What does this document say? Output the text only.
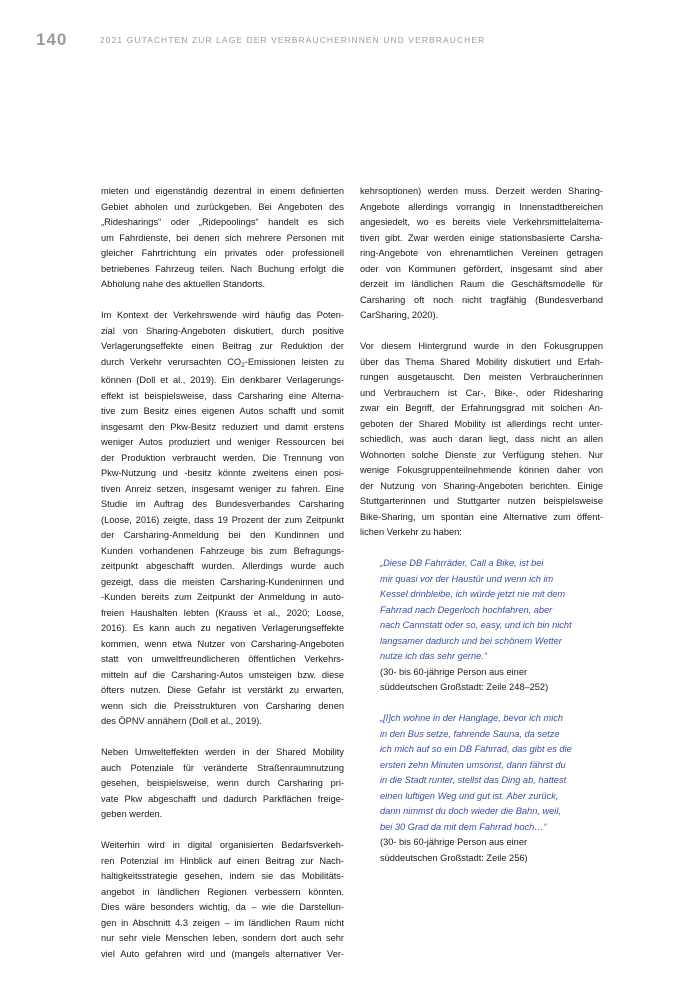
140	2021 GUTACHTEN ZUR LAGE DER VERBRAUCHERINNEN UND VERBRAUCHER

mieten und eigenständig dezentral in einem definierten
Gebiet abholen und zurückgeben. Bei Angeboten des
„Ridesharings“ oder „Ridepoolings“ handelt es sich
um Fahrdienste, bei denen sich mehrere Personen mit
gleicher Fahrtrichtung ein privates oder professionell
betriebenes Fahrzeug teilen. Nach Buchung erfolgt die
Abholung nahe des aktuellen Standorts.

Im Kontext der Verkehrswende wird häufig das Poten-
zial von Sharing-Angeboten diskutiert, durch positive
Verlagerungseffekte einen Beitrag zur Reduktion der
durch Verkehr verursachten $CO_2$-Emissionen leisten zu
können (Doll et al., 2019). Ein denkbarer Verlagerungs-
effekt ist beispielsweise, dass Carsharing eine Alterna-
tive zum Besitz eines eigenen Autos schafft und somit
insgesamt den Pkw-Besitz reduziert und damit erstens
weniger Autos produziert und weniger Ressourcen bei
der Produktion verbraucht werden. Die Trennung von
Pkw-Nutzung und -besitz könnte zweitens einen posi-
tiven Anreiz setzen, insgesamt weniger zu fahren. Eine
Studie im Auftrag des Bundesverbandes Carsharing
(Loose, 2016) zeigte, dass 19 Prozent der zum Zeitpunkt
der Carsharing-Anmeldung bei den Kundinnen und
Kunden vorhandenen Fahrzeuge bis zum Befragungs-
zeitpunkt abgeschafft wurden. Allerdings wurde auch
gezeigt, dass die meisten Carsharing-Kundeninnen und
-Kunden bereits zum Zeitpunkt der Anmeldung in auto-
freien Haushalten lebten (Krauss et al., 2020; Loose,
2016). Es kann auch zu negativen Verlagerungseffekte
kommen, wenn etwa Nutzer von Carsharing-Angeboten
statt von umweltfreundlicheren öffentlichen Verkehrs-
mitteln auf die Carsharing-Autos umsteigen bzw. diese
öfters nutzen. Diese Gefahr ist verstärkt zu erwarten,
wenn sich die Preisstrukturen von Carsharing denen
des ÖPNV annähern (Doll et al., 2019).

Neben Umwelteffekten werden in der Shared Mobility
auch Potenziale für veränderte Straßenraumnutzung
gesehen, beispielsweise, wenn durch Carsharing pri-
vate Pkw abgeschafft und dadurch Parkflächen freige-
geben werden.

Weiterhin wird in digital organisierten Bedarfsverkeh-
ren Potenzial im Hinblick auf einen Beitrag zur Nach-
haltigkeitsstrategie gesehen, indem sie das Mobilitäts-
angebot in ländlichen Regionen verbessern könnten.
Dies wäre besonders wichtig, da – wie die Darstellun-
gen in Abschnitt 4.3 zeigen – im ländlichen Raum nicht
nur sehr viele Menschen leben, sondern dort auch sehr
viel Auto gefahren wird und (mangels alternativer Ver-

kehrsoptionen) werden muss. Derzeit werden Sharing-
Angebote allerdings vorrangig in Innenstadtbereichen
angesiedelt, wo es bereits viele Verkehrsmittelalterna-
tiven gibt. Zwar werden einige stationsbasierte Carsha-
ring-Angebote von ehrenamtlichen Vereinen getragen
oder von Kommunen gefördert, insgesamt sind aber
derzeit im ländlichen Raum die Geschäftsmodelle für
Carsharing oft noch nicht tragfähig (Bundesverband
CarSharing, 2020).

Vor diesem Hintergrund wurde in den Fokusgruppen
über das Thema Shared Mobility diskutiert und Erfah-
rungen ausgetauscht. Den meisten Verbraucherinnen
und Verbrauchern ist Car-, Bike-, oder Ridesharing
zwar ein Begriff, der Erfahrungsgrad mit solchen An-
geboten der Shared Mobility ist allerdings recht unter-
schiedlich, was auch daran liegt, dass nicht an allen
Wohnorten solche Dienste zur Verfügung stehen. Nur
wenige Fokusgruppenteilnehmende können daher von
der Nutzung von Sharing-Angeboten berichten. Einige
Stuttgarterinnen und Stuttgarter nutzen beispielsweise
Bike-Sharing, um spontan eine Alternative zum öffent-
lichen Verkehr zu haben:

„Diese DB Fahrräder, Call a Bike, ist bei
mir quasi vor der Haustür und wenn ich im
Kessel drinbleibe, ich würde jetzt nie mit dem
Fahrrad nach Degerloch hochfahren, aber
nach Cannstatt oder so, easy, und ich bin nicht
langsamer dadurch und bei schönem Wetter
nutze ich das sehr gerne.“
(30- bis 60-jährige Person aus einer
süddeutschen Großstadt: Zeile 248–252)
„[I]ch wohne in der Hanglage, bevor ich mich
in den Bus setze, fahrende Sauna, da setze
ich mich auf so ein DB Fahrrad, das gibt es die
ersten zehn Minuten umsonst, dann fährst du
in die Stadt runter, stellst das Ding ab, hattest
einen luftigen Weg und gut ist. Aber zurück,
dann nimmst du doch wieder die Bahn, weil,
bei 30 Grad da mit dem Fahrrad hoch…“
(30- bis 60-jährige Person aus einer
süddeutschen Großstadt: Zeile 256)
